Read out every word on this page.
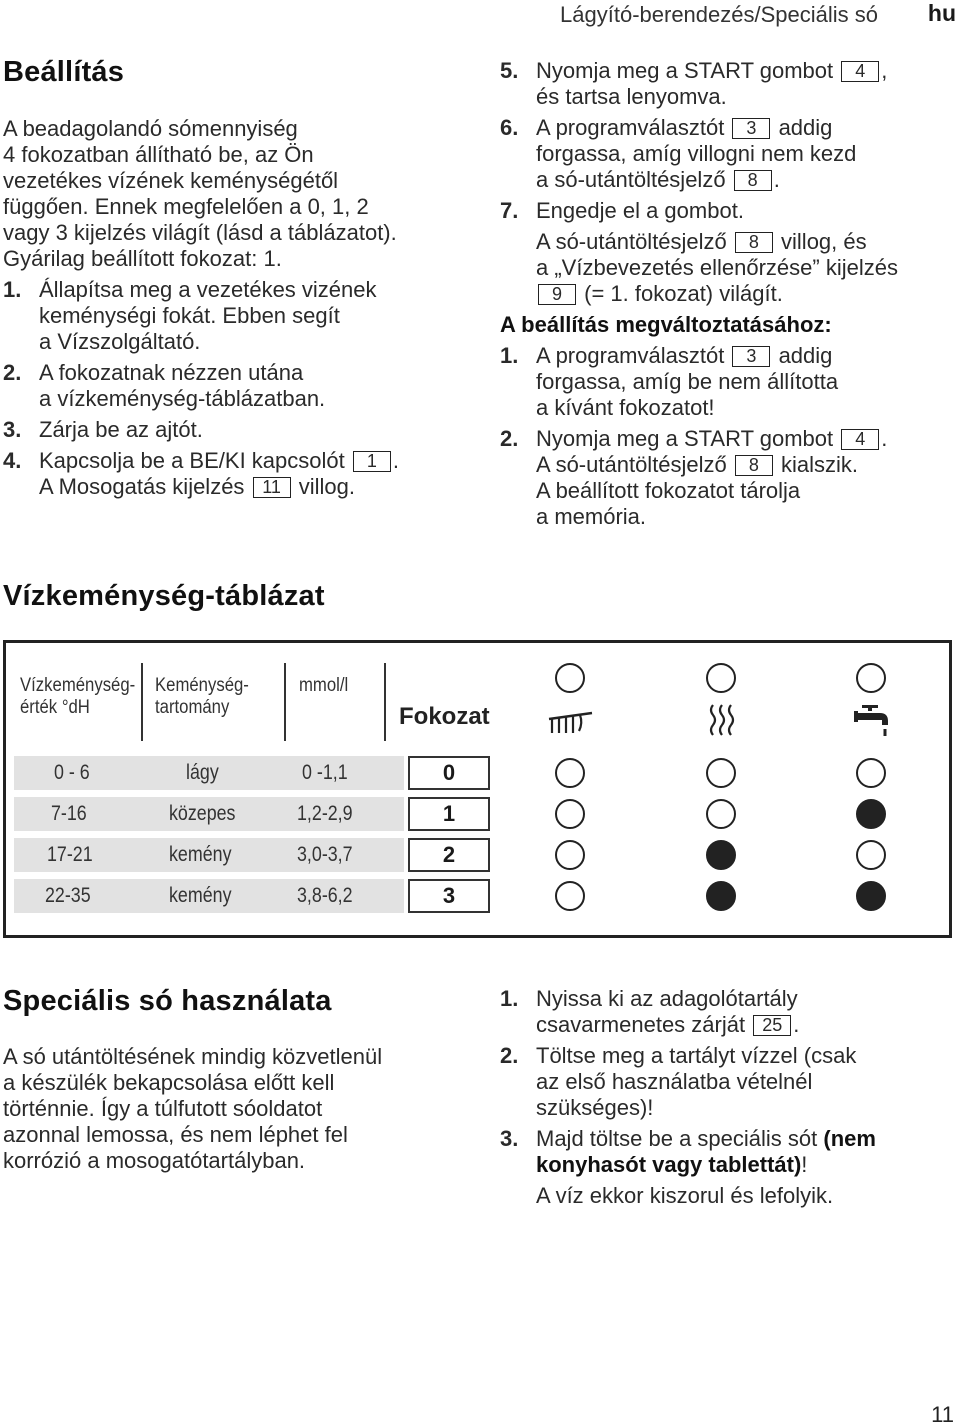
Lágyító-berendezés/Speciális só hu
Beállítás

A beadagolandó sómennyiség

4 fokozatban állítható be, az Ön

vezetékes vízének keménységétől

függően. Ennek megfelelően a 0, 1, 2

vagy 3 kijelzés világít (lásd a táblázatot).

Gyárilag beállított fokozat: 1.

1. Állapítsa meg a vezetékes vizének

keménységi fokát. Ebben segít

a Vízszolgáltató.

2. A fokozatnak nézzen utána

a vízkeménység-táblázatban.

3. Zárja be az ajtót.

4. Kapcsolja be a BE/KI kapcsolót 1 .

A Mosogatás kijelzés 11 villog.

5. Nyomja meg a START gombot 4 ,

és tartsa lenyomva.

6. A programválasztót 3 addig

forgassa, amíg villogni nem kezd

a só-utántöltésjelző 8 .

7. Engedje el a gombot.

A só-utántöltésjelző 8 villog, és

a „Vízbevezetés ellenőrzése” kijelzés

9 (= 1. fokozat) világít.

A beállítás megváltoztatásához:

1. A programválasztót 3 addig

forgassa, amíg be nem állította

a kívánt fokozatot!

2. Nyomja meg a START gombot 4 .

A só-utántöltésjelző 8 kialszik.

A beállított fokozatot tárolja

a memória.

Vízkeménység-táblázat
Vízkeménység-
érték °dH
Keménység-
tartomány
mmol/l
Fokozat
0 - 6	lágy	0 -1,1	0
7-16	közepes	1,2-2,9	1
17-21	kemény	3,0-3,7	2
22-35	kemény	3,8-6,2	3
Speciális só használata

A só utántöltésének mindig közvetlenül

a készülék bekapcsolása előtt kell

történnie. Így a túlfutott sóoldatot

azonnal lemossa, és nem léphet fel

korrózió a mosogatótartályban.

1. Nyissa ki az adagolótartály

csavarmenetes zárját 25 .

2. Töltse meg a tartályt vízzel (csak

az első használatba vételnél

szükséges)!

3. Majd töltse be a speciális sót (nem

konyhasót vagy tablettát)!

A víz ekkor kiszorul és lefolyik.

11
